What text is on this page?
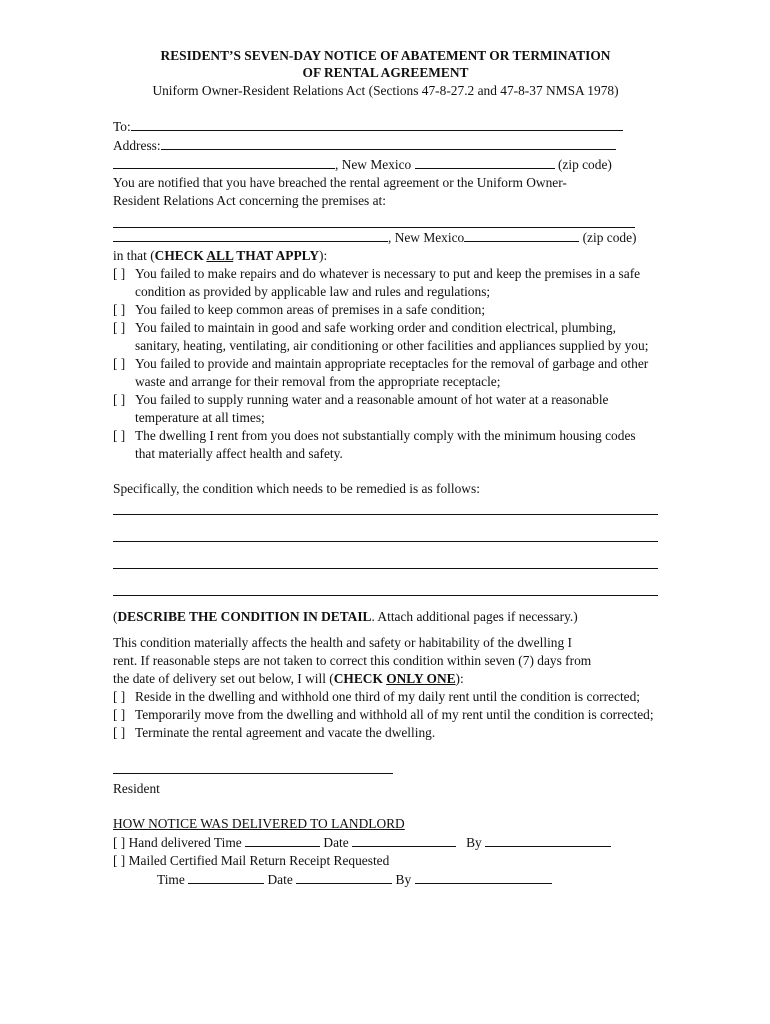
RESIDENT’S SEVEN-DAY NOTICE OF ABATEMENT OR TERMINATION
OF RENTAL AGREEMENT
Uniform Owner-Resident Relations Act (Sections 47-8-27.2 and 47-8-37 NMSA 1978)
To:
Address:
, New Mexico	(zip code)
You are notified that you have breached the rental agreement or the Uniform Owner-
Resident Relations Act concerning the premises at:
, New Mexico	(zip code)
in that (CHECK ALL THAT APPLY):
[ ] You failed to make repairs and do whatever is necessary to put and keep the premises in a safe condition as provided by applicable law and rules and regulations;
[ ] You failed to keep common areas of premises in a safe condition;
[ ] You failed to maintain in good and safe working order and condition electrical, plumbing, sanitary, heating, ventilating, air conditioning or other facilities and appliances supplied by you;
[ ] You failed to provide and maintain appropriate receptacles for the removal of garbage and other waste and arrange for their removal from the appropriate receptacle;
[ ] You failed to supply running water and a reasonable amount of hot water at a reasonable temperature at all times;
[ ] The dwelling I rent from you does not substantially comply with the minimum housing codes that materially affect health and safety.
Specifically, the condition which needs to be remedied is as follows:
(DESCRIBE THE CONDITION IN DETAIL. Attach additional pages if necessary.)
This condition materially affects the health and safety or habitability of the dwelling I
rent. If reasonable steps are not taken to correct this condition within seven (7) days from
the date of delivery set out below, I will (CHECK ONLY ONE):
[ ] Reside in the dwelling and withhold one third of my daily rent until the condition is corrected;
[ ] Temporarily move from the dwelling and withhold all of my rent until the condition is corrected;
[ ] Terminate the rental agreement and vacate the dwelling.
Resident
HOW NOTICE WAS DELIVERED TO LANDLORD
[ ] Hand delivered Time	Date	By
[ ] Mailed Certified Mail Return Receipt Requested
Time	Date	By
